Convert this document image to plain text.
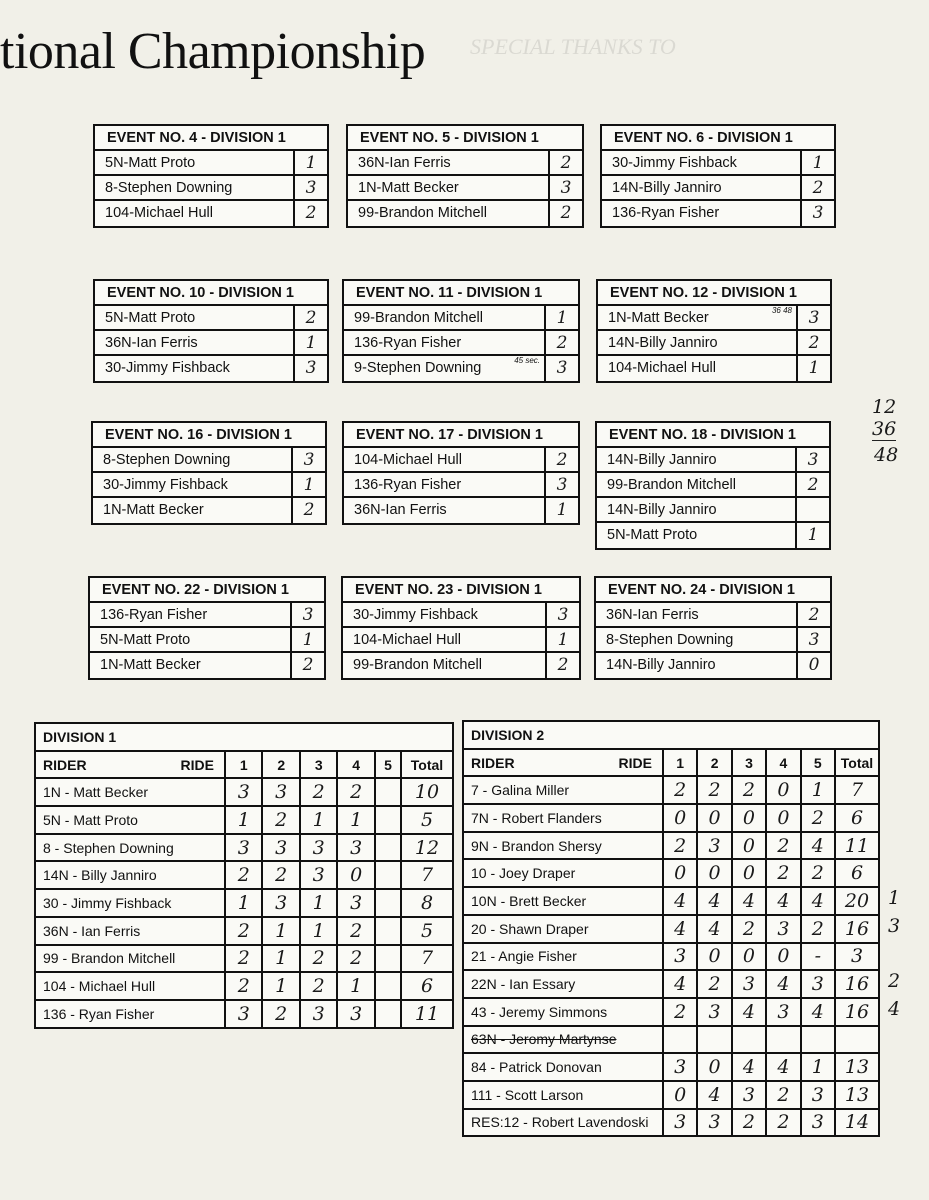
tional Championship SPECIAL THANKS TO
EVENT NO. 4 - DIVISION 1
5N-Matt Proto	1
8-Stephen Downing	3
104-Michael Hull	2
EVENT NO. 5 - DIVISION 1
36N-Ian Ferris	2
1N-Matt Becker	3
99-Brandon Mitchell	2
EVENT NO. 6 - DIVISION 1
30-Jimmy Fishback	1
14N-Billy Janniro	2
136-Ryan Fisher	3
EVENT NO. 10 - DIVISION 1
5N-Matt Proto	2
36N-Ian Ferris	1
30-Jimmy Fishback	3
EVENT NO. 11 - DIVISION 1
99-Brandon Mitchell	1
136-Ryan Fisher	2
9-Stephen Downing	45 sec. 3
EVENT NO. 12 - DIVISION 1
1N-Matt Becker	36 48 3
14N-Billy Janniro	2
104-Michael Hull	1
EVENT NO. 16 - DIVISION 1
8-Stephen Downing	3
30-Jimmy Fishback	1
1N-Matt Becker	2
EVENT NO. 17 - DIVISION 1
104-Michael Hull	2
136-Ryan Fisher	3
36N-Ian Ferris	1
EVENT NO. 18 - DIVISION 1
14N-Billy Janniro	3
99-Brandon Mitchell	2
14N-Billy Janniro
5N-Matt Proto	1
EVENT NO. 22 - DIVISION 1
136-Ryan Fisher	3
5N-Matt Proto	1
1N-Matt Becker	2
EVENT NO. 23 - DIVISION 1
30-Jimmy Fishback	3
104-Michael Hull	1
99-Brandon Mitchell	2
EVENT NO. 24 - DIVISION 1
36N-Ian Ferris	2
8-Stephen Downing	3
14N-Billy Janniro	0
DIVISION 1						

RIDER RIDE	1	2	3	4	5	Total
1N - Matt Becker	3	3	2	2		10
5N - Matt Proto	1	2	1	1		5
8 - Stephen Downing	3	3	3	3		12
14N - Billy Janniro	2	2	3	0		7
30 - Jimmy Fishback	1	3	1	3		8
36N - Ian Ferris	2	1	1	2		5
99 - Brandon Mitchell	2	1	2	2		7
104 - Michael Hull	2	1	2	1		6
136 - Ryan Fisher	3	2	3	3		11
DIVISION 2						

RIDER RIDE	1	2	3	4	5	Total
7 - Galina Miller	2	2	2	0	1	7
7N - Robert Flanders	0	0	0	0	2	6
9N - Brandon Shersy	2	3	0	2	4	11
10 - Joey Draper	0	0	0	2	2	6
10N - Brett Becker	4	4	4	4	4	20
20 - Shawn Draper	4	4	2	3	2	16
21 - Angie Fisher	3	0	0	0	-	3
22N - Ian Essary	4	2	3	4	3	16
43 - Jeremy Simmons	2	3	4	3	4	16
63N - Jeromy Martynse						
84 - Patrick Donovan	3	0	4	4	1	13
111 - Scott Larson	0	4	3	2	3	13
RES:12 - Robert Lavendoski	3	3	2	2	3	14
1
3
2
4
12
36
48
